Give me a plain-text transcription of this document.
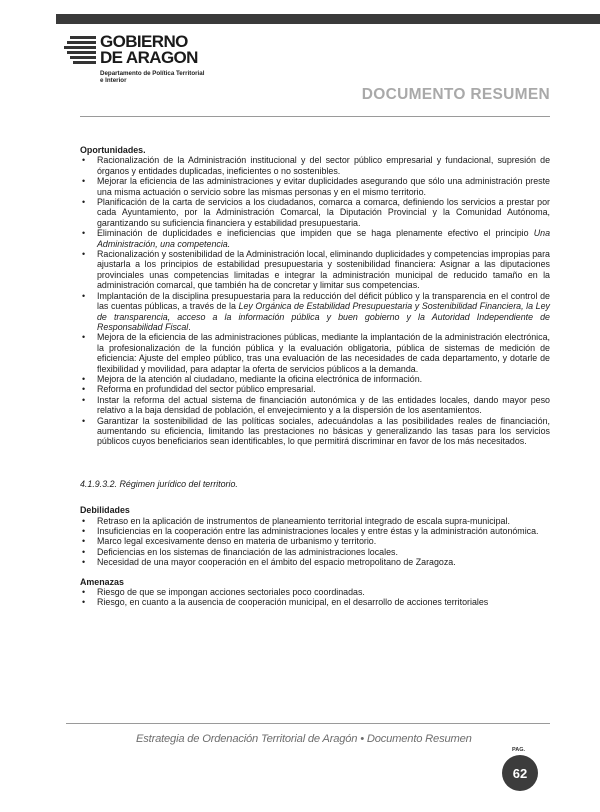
GOBIERNO
DE ARAGON
Departamento de Política Territorial
e Interior
DOCUMENTO RESUMEN

Oportunidades.

• Racionalización de la Administración institucional y del sector público empresarial y fundacional, supresión de órganos y entidades duplicadas, ineficientes o no sostenibles.
• Mejorar la eficiencia de las administraciones y evitar duplicidades asegurando que sólo una administración preste una misma actuación o servicio sobre las mismas personas y en el mismo territorio.
• Planificación de la carta de servicios a los ciudadanos, comarca a comarca, definiendo los servicios a prestar por cada Ayuntamiento, por la Administración Comarcal, la Diputación Provincial y la Comunidad Autónoma, garantizando su suficiencia financiera y estabilidad presupuestaria.
• Eliminación de duplicidades e ineficiencias que impiden que se haga plenamente efectivo el principio Una Administración, una competencia.
• Racionalización y sostenibilidad de la Administración local, eliminando duplicidades y competencias impropias para ajustarla a los principios de estabilidad presupuestaria y sostenibilidad financiera: Asignar a las diputaciones provinciales unas competencias limitadas e integrar la administración municipal de reducido tamaño en la administración comarcal, que también ha de concretar y limitar sus competencias.
• Implantación de la disciplina presupuestaria para la reducción del déficit público y la transparencia en el control de las cuentas públicas, a través de la Ley Orgánica de Estabilidad Presupuestaria y Sostenibilidad Financiera, la Ley de transparencia, acceso a la información pública y buen gobierno y la Autoridad Independiente de Responsabilidad Fiscal.
• Mejora de la eficiencia de las administraciones públicas, mediante la implantación de la administración electrónica, la profesionalización de la función pública y la evaluación obligatoria, pública de sistemas de medición de eficiencia: Ajuste del empleo público, tras una evaluación de las necesidades de cada departamento, y dotarle de flexibilidad y movilidad, para adaptar la oferta de servicios públicos a la demanda.
• Mejora de la atención al ciudadano, mediante la oficina electrónica de información.
• Reforma en profundidad del sector público empresarial.
• Instar la reforma del actual sistema de financiación autonómica y de las entidades locales, dando mayor peso relativo a la baja densidad de población, el envejecimiento y a la dispersión de los asentamientos.
• Garantizar la sostenibilidad de las políticas sociales, adecuándolas a las posibilidades reales de financiación, aumentando su eficiencia, limitando las prestaciones no básicas y generalizando las tasas para los servicios públicos cuyos beneficiarios sean identificables, lo que permitirá discriminar en favor de los más necesitados.

4.1.9.3.2. Régimen jurídico del territorio.

Debilidades

• Retraso en la aplicación de instrumentos de planeamiento territorial integrado de escala supra-municipal.
• Insuficiencias en la cooperación entre las administraciones locales y entre éstas y la administración autonómica.
• Marco legal excesivamente denso en materia de urbanismo y territorio.
• Deficiencias en los sistemas de financiación de las administraciones locales.
• Necesidad de una mayor cooperación en el ámbito del espacio metropolitano de Zaragoza.

Amenazas

• Riesgo de que se impongan acciones sectoriales poco coordinadas.
• Riesgo, en cuanto a la ausencia de cooperación municipal, en el desarrollo de acciones territoriales
Estrategia de Ordenación Territorial de Aragón • Documento Resumen
PAG.
62
